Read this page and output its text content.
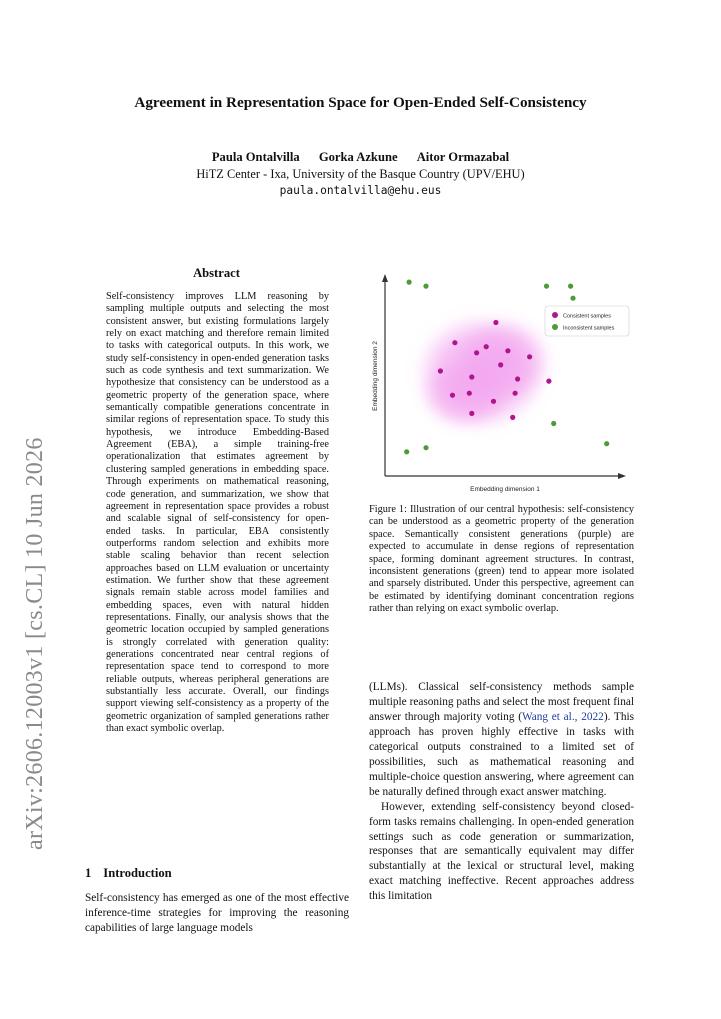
Agreement in Representation Space for Open-Ended Self-Consistency
Paula Ontalvilla Gorka Azkune Aitor Ormazabal
HiTZ Center - Ixa, University of the Basque Country (UPV/EHU)
paula.ontalvilla@ehu.eus
arXiv:2606.12003v1 [cs.CL] 10 Jun 2026
Abstract
Self-consistency improves LLM reasoning by sampling multiple outputs and selecting the most consistent answer, but existing formulations largely rely on exact matching and therefore remain limited to tasks with categorical outputs. In this work, we study self-consistency in open-ended generation tasks such as code synthesis and text summarization. We hypothesize that consistency can be understood as a geometric property of the generation space, where semantically compatible generations concentrate in similar regions of representation space. To study this hypothesis, we introduce Embedding-Based Agreement (EBA), a simple training-free operationalization that estimates agreement by clustering sampled generations in embedding space. Through experiments on mathematical reasoning, code generation, and summarization, we show that agreement in representation space provides a robust and scalable signal of self-consistency for open-ended tasks. In particular, EBA consistently outperforms random selection and exhibits more stable scaling behavior than recent selection approaches based on LLM evaluation or uncertainty estimation. We further show that these agreement signals remain stable across model families and embedding spaces, even with natural hidden representations. Finally, our analysis shows that the geometric location occupied by sampled generations is strongly correlated with generation quality: generations concentrated near central regions of representation space tend to correspond to more reliable outputs, whereas peripheral generations are substantially less accurate. Overall, our findings support viewing self-consistency as a property of the geometric organization of sampled generations rather than exact symbolic overlap.
1 Introduction
Self-consistency has emerged as one of the most effective inference-time strategies for improving the reasoning capabilities of large language models
Embedding dimension 1
Embedding dimension 2
Consistent samples
Inconsistent samples
Figure 1: Illustration of our central hypothesis: self-consistency can be understood as a geometric property of the generation space. Semantically consistent generations (purple) are expected to accumulate in dense regions of representation space, forming dominant agreement structures. In contrast, inconsistent generations (green) tend to appear more isolated and sparsely distributed. Under this perspective, agreement can be estimated by identifying dominant concentration regions rather than relying on exact symbolic overlap.

(LLMs). Classical self-consistency methods sample multiple reasoning paths and select the most frequent final answer through majority voting (Wang et al., 2022). This approach has proven highly effective in tasks with categorical outputs constrained to a limited set of possibilities, such as mathematical reasoning and multiple-choice question answering, where agreement can be naturally defined through exact answer matching.

However, extending self-consistency beyond closed-form tasks remains challenging. In open-ended generation settings such as code generation or summarization, responses that are semantically equivalent may differ substantially at the lexical or structural level, making exact matching ineffective. Recent approaches address this limitation
